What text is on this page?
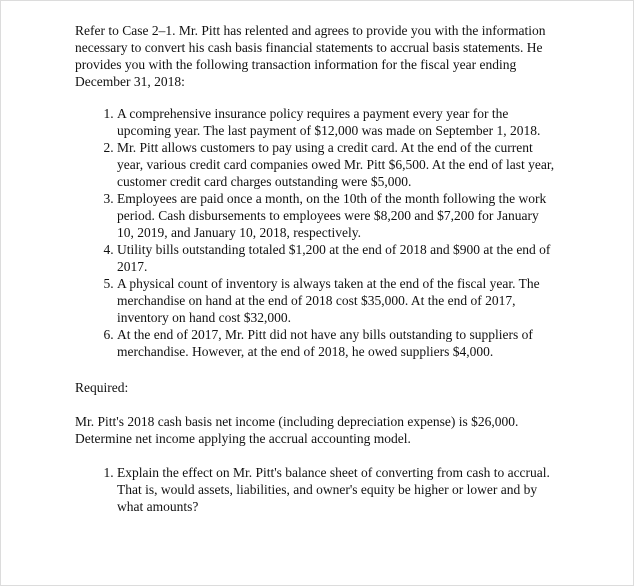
Refer to Case 2–1. Mr. Pitt has relented and agrees to provide you with the information necessary to convert his cash basis financial statements to accrual basis statements. He provides you with the following transaction information for the fiscal year ending December 31, 2018:

1. A comprehensive insurance policy requires a payment every year for the upcoming year. The last payment of $12,000 was made on September 1, 2018.
2. Mr. Pitt allows customers to pay using a credit card. At the end of the current year, various credit card companies owed Mr. Pitt $6,500. At the end of last year, customer credit card charges outstanding were $5,000.
3. Employees are paid once a month, on the 10th of the month following the work period. Cash disbursements to employees were $8,200 and $7,200 for January 10, 2019, and January 10, 2018, respectively.
4. Utility bills outstanding totaled $1,200 at the end of 2018 and $900 at the end of 2017.
5. A physical count of inventory is always taken at the end of the fiscal year. The merchandise on hand at the end of 2018 cost $35,000. At the end of 2017, inventory on hand cost $32,000.
6. At the end of 2017, Mr. Pitt did not have any bills outstanding to suppliers of merchandise. However, at the end of 2018, he owed suppliers $4,000.

Required:

Mr. Pitt's 2018 cash basis net income (including depreciation expense) is $26,000. Determine net income applying the accrual accounting model.

1. Explain the effect on Mr. Pitt's balance sheet of converting from cash to accrual. That is, would assets, liabilities, and owner's equity be higher or lower and by what amounts?
